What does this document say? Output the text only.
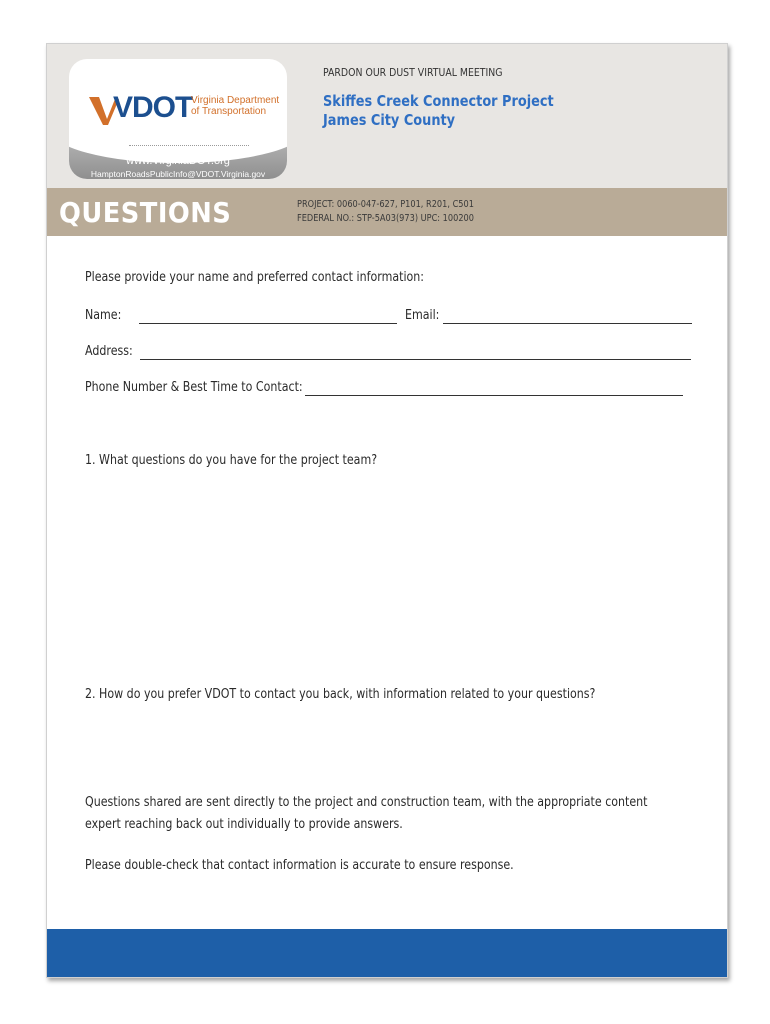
VDOT
Virginia Department
of Transportation
www.VirginiaDOT.org
HamptonRoadsPublicInfo@VDOT.Virginia.gov
PARDON OUR DUST VIRTUAL MEETING
Skiffes Creek Connector Project
James City County
QUESTIONS	PROJECT: 0060-047-627, P101, R201, C501
FEDERAL NO.: STP-5A03(973) UPC: 100200
Please provide your name and preferred contact information:
Name:	Email:
Address:
Phone Number & Best Time to Contact:
1. What questions do you have for the project team?
2. How do you prefer VDOT to contact you back, with information related to your questions?
Questions shared are sent directly to the project and construction team, with the appropriate content
expert reaching back out individually to provide answers.
Please double-check that contact information is accurate to ensure response.
